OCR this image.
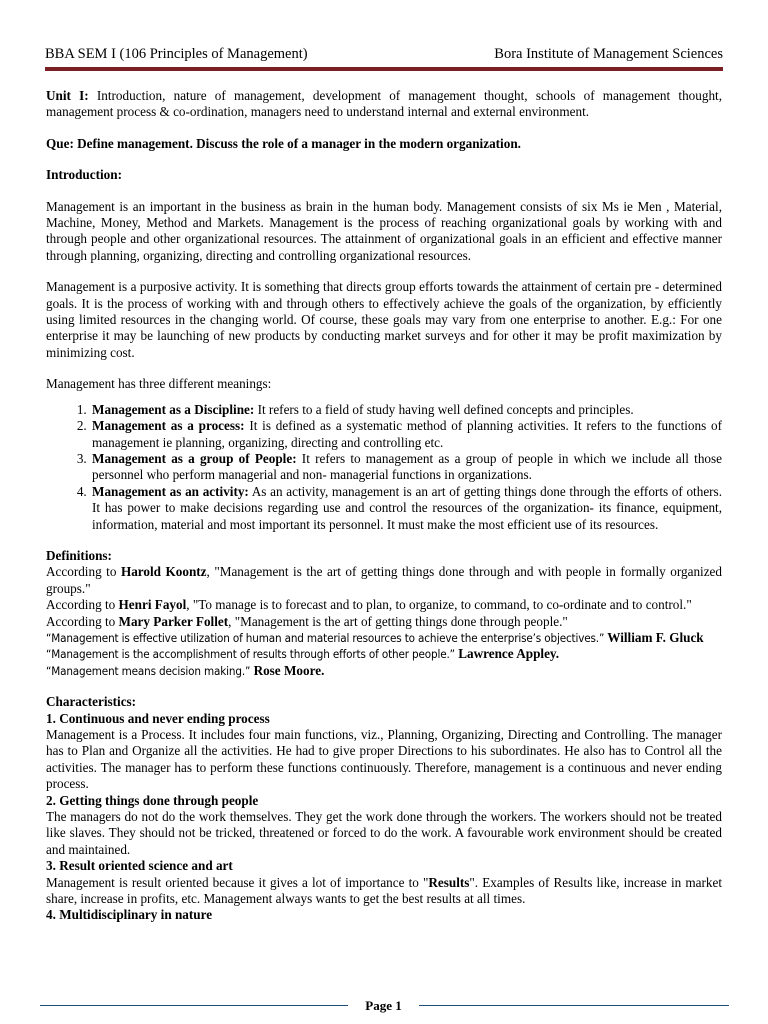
BBA SEM I (106 Principles of Management)	Bora Institute of Management Sciences

Unit I: Introduction, nature of management, development of management thought, schools of management thought, management process & co-ordination, managers need to understand internal and external environment.

Que: Define management. Discuss the role of a manager in the modern organization.

Introduction:

Management is an important in the business as brain in the human body. Management consists of six Ms ie Men , Material, Machine, Money, Method and Markets. Management is the process of reaching organizational goals by working with and through people and other organizational resources. The attainment of organizational goals in an efficient and effective manner through planning, organizing, directing and controlling organizational resources.

Management is a purposive activity. It is something that directs group efforts towards the attainment of certain pre - determined goals. It is the process of working with and through others to effectively achieve the goals of the organization, by efficiently using limited resources in the changing world. Of course, these goals may vary from one enterprise to another. E.g.: For one enterprise it may be launching of new products by conducting market surveys and for other it may be profit maximization by minimizing cost.

Management has three different meanings:

1. Management as a Discipline: It refers to a field of study having well defined concepts and principles.
2. Management as a process: It is defined as a systematic method of planning activities. It refers to the functions of management ie planning, organizing, directing and controlling etc.
3. Management as a group of People: It refers to management as a group of people in which we include all those personnel who perform managerial and non- managerial functions in organizations.
4. Management as an activity: As an activity, management is an art of getting things done through the efforts of others. It has power to make decisions regarding use and control the resources of the organization- its finance, equipment, information, material and most important its personnel. It must make the most efficient use of its resources.

Definitions:

According to Harold Koontz, "Management is the art of getting things done through and with people in formally organized groups."

According to Henri Fayol, "To manage is to forecast and to plan, to organize, to command, to co-ordinate and to control."

According to Mary Parker Follet, "Management is the art of getting things done through people."

“Management is effective utilization of human and material resources to achieve the enterprise’s objectives.” William F. Gluck

“Management is the accomplishment of results through efforts of other people.” Lawrence Appley.

“Management means decision making.” Rose Moore.

Characteristics:

1. Continuous and never ending process

Management is a Process. It includes four main functions, viz., Planning, Organizing, Directing and Controlling. The manager has to Plan and Organize all the activities. He had to give proper Directions to his subordinates. He also has to Control all the activities. The manager has to perform these functions continuously. Therefore, management is a continuous and never ending process.

2. Getting things done through people

The managers do not do the work themselves. They get the work done through the workers. The workers should not be treated like slaves. They should not be tricked, threatened or forced to do the work. A favourable work environment should be created and maintained.

3. Result oriented science and art

Management is result oriented because it gives a lot of importance to "Results". Examples of Results like, increase in market share, increase in profits, etc. Management always wants to get the best results at all times.

4. Multidisciplinary in nature

Page 1
